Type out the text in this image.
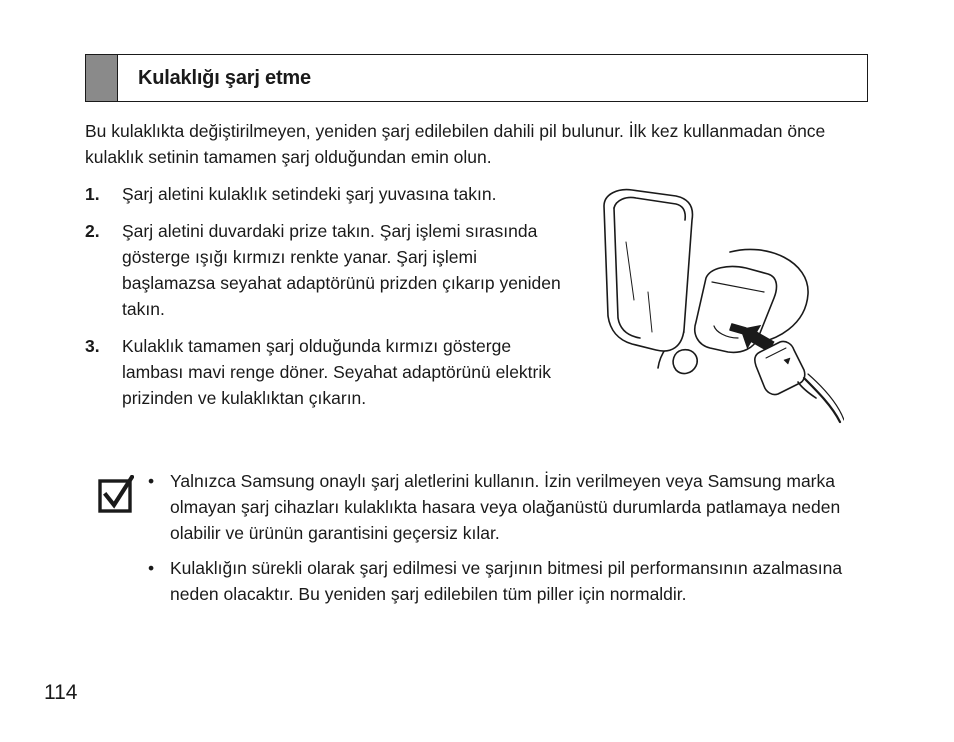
Kulaklığı şarj etme
Bu kulaklıkta değiştirilmeyen, yeniden şarj edilebilen dahili pil bulunur. İlk kez kullanmadan önce kulaklık setinin tamamen şarj olduğundan emin olun.
1. Şarj aletini kulaklık setindeki şarj yuvasına takın.
2. Şarj aletini duvardaki prize takın. Şarj işlemi sırasında gösterge ışığı kırmızı renkte yanar. Şarj işlemi başlamazsa seyahat adaptörünü prizden çıkarıp yeniden takın.
3. Kulaklık tamamen şarj olduğunda kırmızı gösterge lambası mavi renge döner. Seyahat adaptörünü elektrik prizinden ve kulaklıktan çıkarın.
• Yalnızca Samsung onaylı şarj aletlerini kullanın. İzin verilmeyen veya Samsung marka olmayan şarj cihazları kulaklıkta hasara veya olağanüstü durumlarda patlamaya neden olabilir ve ürünün garantisini geçersiz kılar.
• Kulaklığın sürekli olarak şarj edilmesi ve şarjının bitmesi pil performansının azalmasına neden olacaktır. Bu yeniden şarj edilebilen tüm piller için normaldir.
114
